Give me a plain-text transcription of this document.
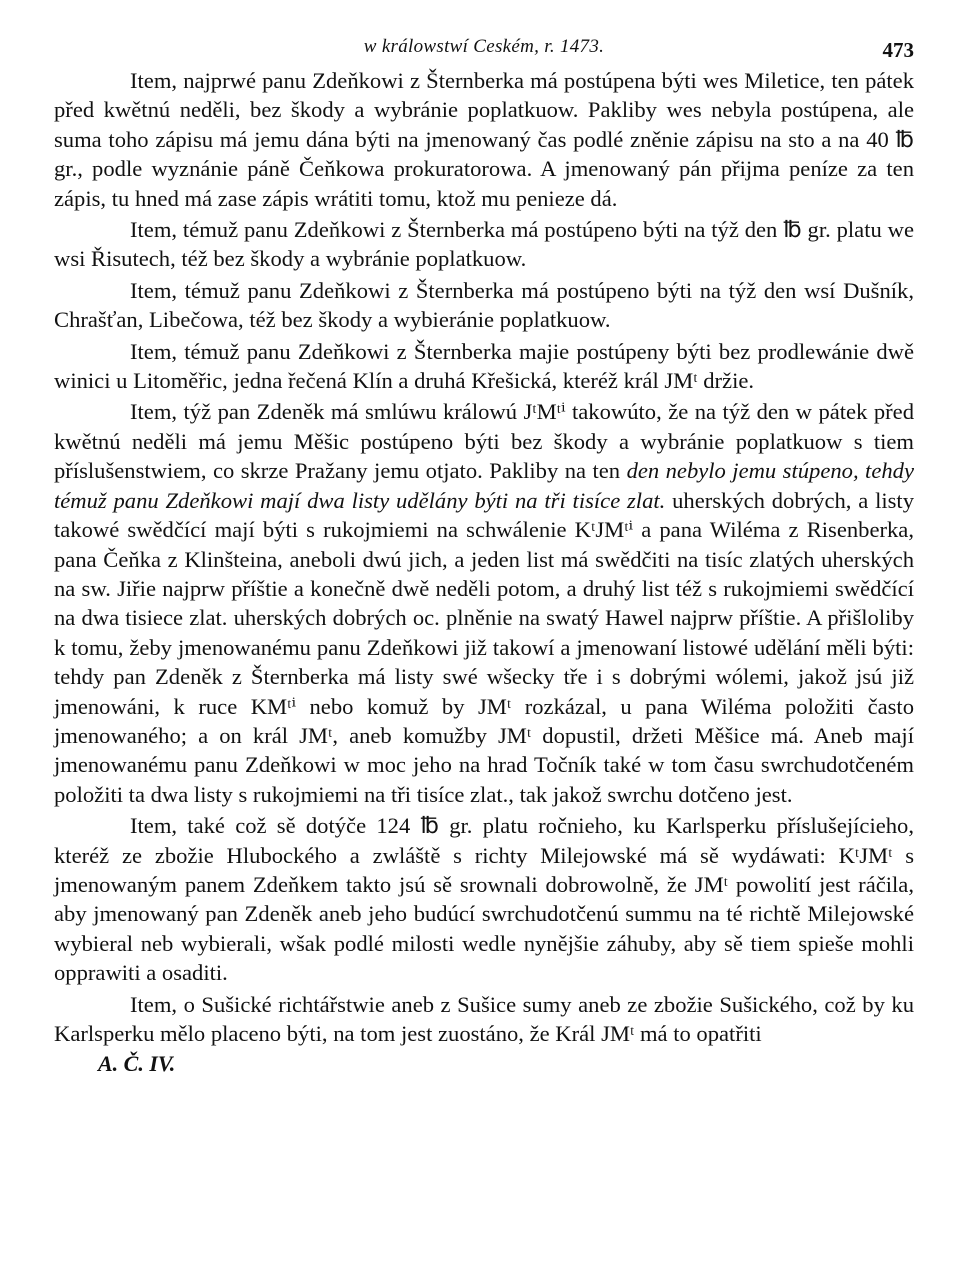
w králowstwí Ceském, r. 1473.	473

Item, najprwé panu Zdeňkowi z Šternberka má postúpena býti wes Miletice, ten pátek před kwětnú neděli, bez škody a wybránie poplatkuow. Pakliby wes nebyla postúpena, ale suma toho zápisu má jemu dána býti na jmenowaný čas podlé zněnie zápisu na sto a na 40 ℔ gr., podle wyznánie páně Čeňkowa prokuratorowa. A jmenowaný pán přijma peníze za ten zápis, tu hned má zase zápis wrátiti tomu, ktož mu penieze dá.

Item, témuž panu Zdeňkowi z Šternberka má postúpeno býti na týž den ℔ gr. platu we wsi Řisutech, též bez škody a wybránie poplatkuow.

Item, témuž panu Zdeňkowi z Šternberka má postúpeno býti na týž den wsí Dušník, Chrašťan, Libečowa, též bez škody a wybieránie poplatkuow.

Item, témuž panu Zdeňkowi z Šternberka majie postúpeny býti bez prodlewánie dwě winici u Litoměřic, jedna řečená Klín a druhá Křešická, kteréž král JMᵗ držie.

Item, týž pan Zdeněk má smlúwu králowú JᵗMᵗⁱ takowúto, že na týž den w pátek před kwětnú neděli má jemu Měšic postúpeno býti bez škody a wybránie poplatkuow s tiem příslušenstwiem, co skrze Pražany jemu otjato. Pakliby na ten den nebylo jemu stúpeno, tehdy témuž panu Zdeňkowi mají dwa listy udělány býti na tři tisíce zlat. uherských dobrých, a listy takowé swědčící mají býti s rukojmiemi na schwálenie KᵗJMᵗⁱ a pana Wiléma z Risenberka, pana Čeňka z Klinšteina, aneboli dwú jich, a jeden list má swědčiti na tisíc zlatých uherských na sw. Jiřie najprw příštie a konečně dwě neděli potom, a druhý list též s rukojmiemi swědčící na dwa tisiece zlat. uherských dobrých oc. plněnie na swatý Hawel najprw příštie. A přišloliby k tomu, žeby jmenowanému panu Zdeňkowi již takowí a jmenowaní listowé udělání měli býti: tehdy pan Zdeněk z Šternberka má listy swé wšecky tře i s dobrými wólemi, jakož jsú již jmenowáni, k ruce KMᵗⁱ nebo komuž by JMᵗ rozkázal, u pana Wiléma položiti často jmenowaného; a on král JMᵗ, aneb komužby JMᵗ dopustil, držeti Měšice má. Aneb mají jmenowanému panu Zdeňkowi w moc jeho na hrad Točník také w tom času swrchudotčeném položiti ta dwa listy s rukojmiemi na tři tisíce zlat., tak jakož swrchu dotčeno jest.

Item, také což sě dotýče 124 ℔ gr. platu ročnieho, ku Karlsperku příslušejícieho, kteréž ze zbožie Hlubockého a zwláště s richty Milejowské má sě wydáwati: KᵗJMᵗ s jmenowaným panem Zdeňkem takto jsú sě srownali dobrowolně, že JMᵗ powolití jest ráčila, aby jmenowaný pan Zdeněk aneb jeho budúcí swrchudotčenú summu na té richtě Milejowské wybieral neb wybierali, wšak podlé milosti wedle nynějšie záhuby, aby sě tiem spieše mohli opprawiti a osaditi.

Item, o Sušické richtářstwie aneb z Sušice sumy aneb ze zbožie Sušického, což by ku Karlsperku mělo placeno býti, na tom jest zuostáno, že Král JMᵗ má to opatřiti

A. Č. IV.
